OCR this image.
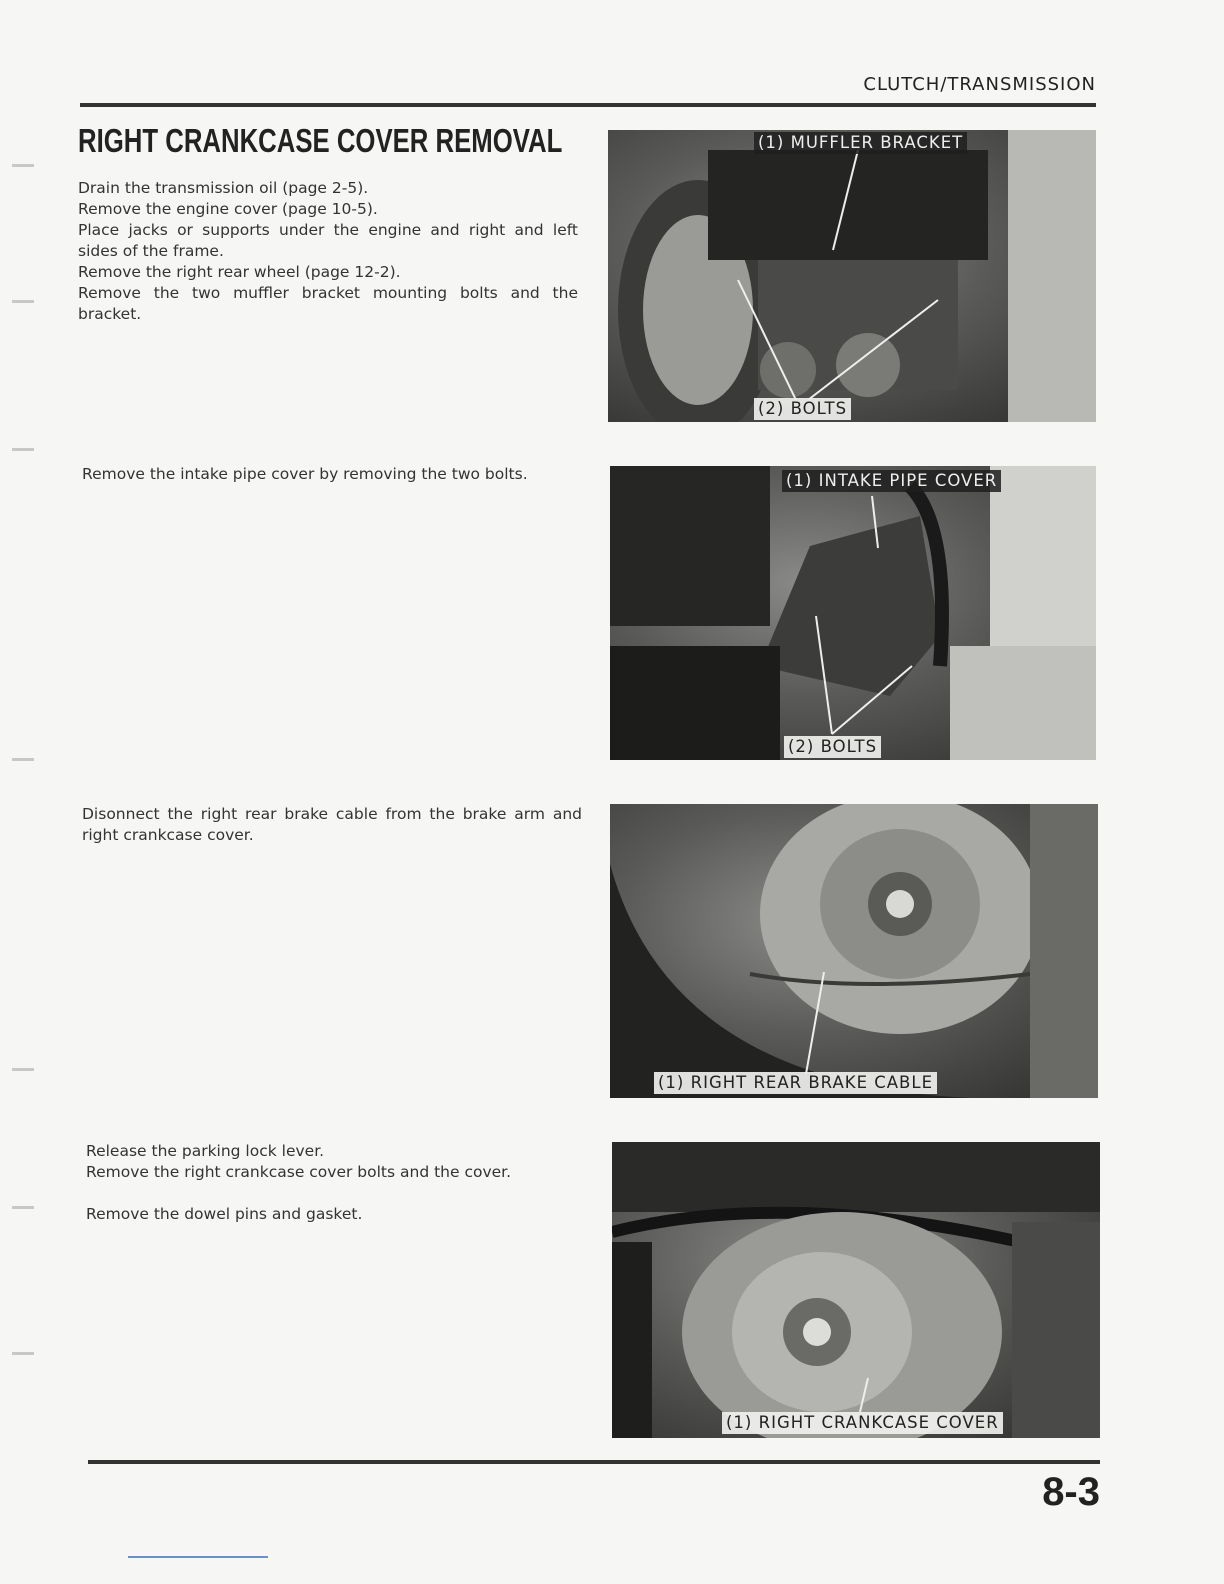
CLUTCH/TRANSMISSION
RIGHT CRANKCASE COVER REMOVAL

Drain the transmission oil (page 2-5).

Remove the engine cover (page 10-5).

Place jacks or supports under the engine and right and left sides of the frame.

Remove the right rear wheel (page 12-2).

Remove the two muffler bracket mounting bolts and the bracket.

(1) MUFFLER BRACKET
(2) BOLTS

Remove the intake pipe cover by removing the two bolts.	(1) INTAKE PIPE COVER
(2) BOLTS

Disonnect the right rear brake cable from the brake arm and right crankcase cover.

(1) RIGHT REAR BRAKE CABLE

Release the parking lock lever.

Remove the right crankcase cover bolts and the cover.

Remove the dowel pins and gasket.

(1) RIGHT CRANKCASE COVER
8-3
